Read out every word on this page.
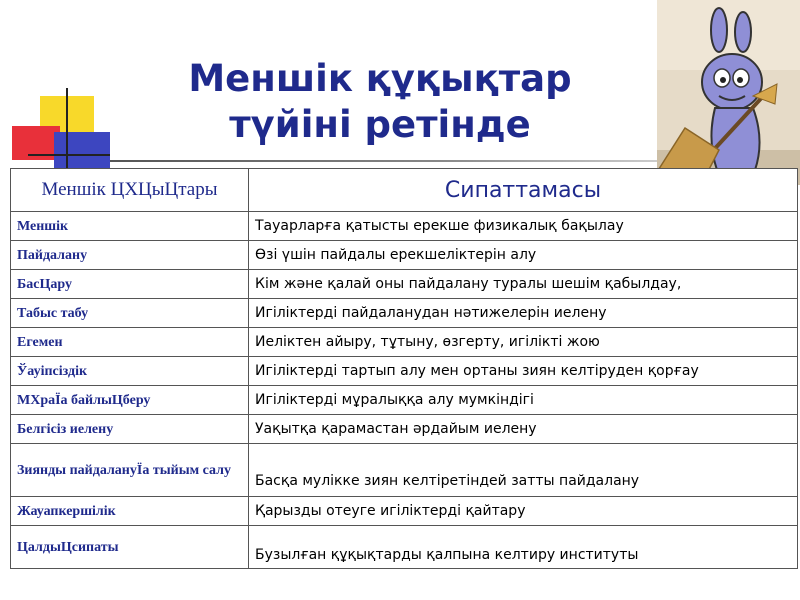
Меншік құқықтар
түйіні ретінде
Меншік ЦХЦыЦтары	Сипаттамасы
Меншік	Тауарларға қатысты ерекше физикалық бақылау
Пайдалану	Өзі үшін пайдалы ерекшеліктерін алу
БасЦару	Кім және қалай оны пайдалану туралы шешім қабылдау,
Табыс табу	Игіліктерді пайдаланудан нәтижелерін иелену
Егемен	Иеліктен айыру, тұтыну, өзгерту, игілікті жою
Ўауіпсіздік	Игіліктерді тартып алу мен ортаны зиян келтіруден қорғау
МХраЇа байлыЦберу	Игіліктерді мұралыққа алу мумкіндігі
Белгісіз иелену	Уақытқа қарамастан әрдайым иелену
Зиянды пайдалануЇа тыйым салу	Басқа мулікке зиян келтіретіндей затты пайдалану
Жауапкершілік	Қарызды отеуге игіліктерді қайтару
ЦалдыЦсипаты	Бузылған құқықтарды қалпына келтиру институты
